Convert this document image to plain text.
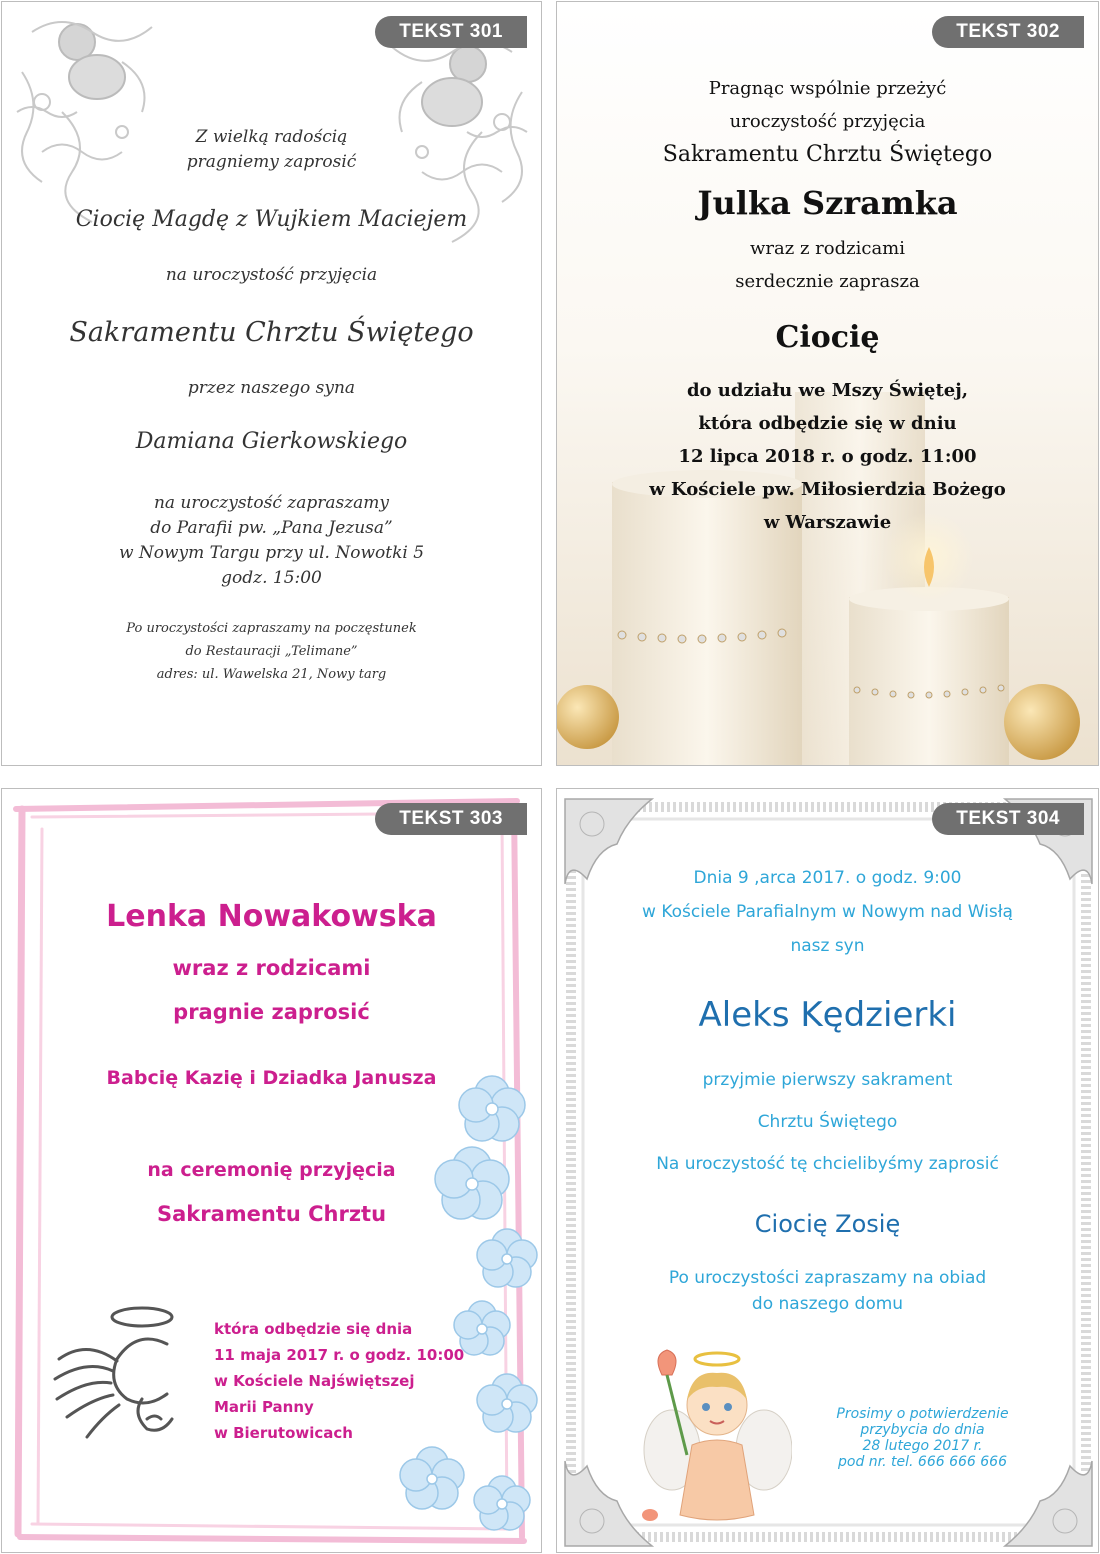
TEKST 301
Z wielką radością
pragniemy zaprosić
Ciocię Magdę z Wujkiem Maciejem
na uroczystość przyjęcia
Sakramentu Chrztu Świętego
przez naszego syna
Damiana Gierkowskiego
na uroczystość zapraszamy
do Parafii pw. „Pana Jezusa”
w Nowym Targu przy ul. Nowotki 5
godz. 15:00
Po uroczystości zapraszamy na poczęstunek
do Restauracji „Telimane”
adres: ul. Wawelska 21, Nowy targ
TEKST 302
Pragnąc wspólnie przeżyć
uroczystość przyjęcia
Sakramentu Chrztu Świętego
Julka Szramka
wraz z rodzicami
serdecznie zaprasza
Ciocię
do udziału we Mszy Świętej,
która odbędzie się w dniu
12 lipca 2018 r. o godz. 11:00
w Kościele pw. Miłosierdzia Bożego
w Warszawie
TEKST 303
Lenka Nowakowska
wraz z rodzicami
pragnie zaprosić
Babcię Kazię i Dziadka Janusza
na ceremonię przyjęcia
Sakramentu Chrztu
która odbędzie się dnia
11 maja 2017 r. o godz. 10:00
w Kościele Najświętszej
Marii Panny
w Bierutowicach
TEKST 304
Dnia 9 ,arca 2017. o godz. 9:00
w Kościele Parafialnym w Nowym nad Wisłą
nasz syn
Aleks Kędzierki
przyjmie pierwszy sakrament
Chrztu Świętego
Na uroczystość tę chcielibyśmy zaprosić
Ciocię Zosię
Po uroczystości zapraszamy na obiad
do naszego domu
Prosimy o potwierdzenie
przybycia do dnia
28 lutego 2017 r.
pod nr. tel. 666 666 666
